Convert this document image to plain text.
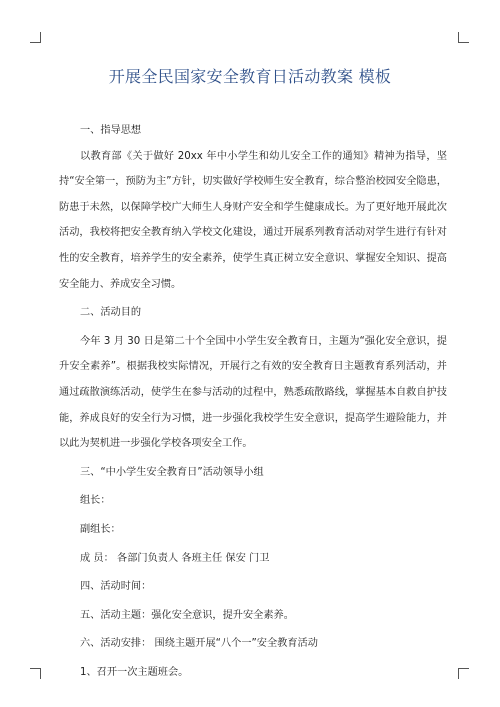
开展全民国家安全教育日活动教案 模板

一、指导思想

以教育部《关于做好 20xx 年中小学生和幼儿安全工作的通知》精神为指导，坚持“安全第一，预防为主”方针，切实做好学校师生安全教育，综合整治校园安全隐患，防患于未然，以保障学校广大师生人身财产安全和学生健康成长。为了更好地开展此次活动，我校将把安全教育纳入学校文化建设，通过开展系列教育活动对学生进行有针对性的安全教育，培养学生的安全素养，使学生真正树立安全意识、掌握安全知识、提高安全能力、养成安全习惯。

二、活动目的

今年 3 月 30 日是第二十个全国中小学生安全教育日，主题为“强化安全意识，提升安全素养”。根据我校实际情况，开展行之有效的安全教育日主题教育系列活动，并通过疏散演练活动，使学生在参与活动的过程中，熟悉疏散路线，掌握基本自救自护技能，养成良好的安全行为习惯，进一步强化我校学生安全意识，提高学生避险能力，并以此为契机进一步强化学校各项安全工作。

三、“中小学生安全教育日”活动领导小组

组长：

副组长：

成 员： 各部门负责人 各班主任 保安 门卫

四、活动时间：

五、活动主题：强化安全意识，提升安全素养。

六、活动安排： 围绕主题开展“八个一”安全教育活动

1、召开一次主题班会。
